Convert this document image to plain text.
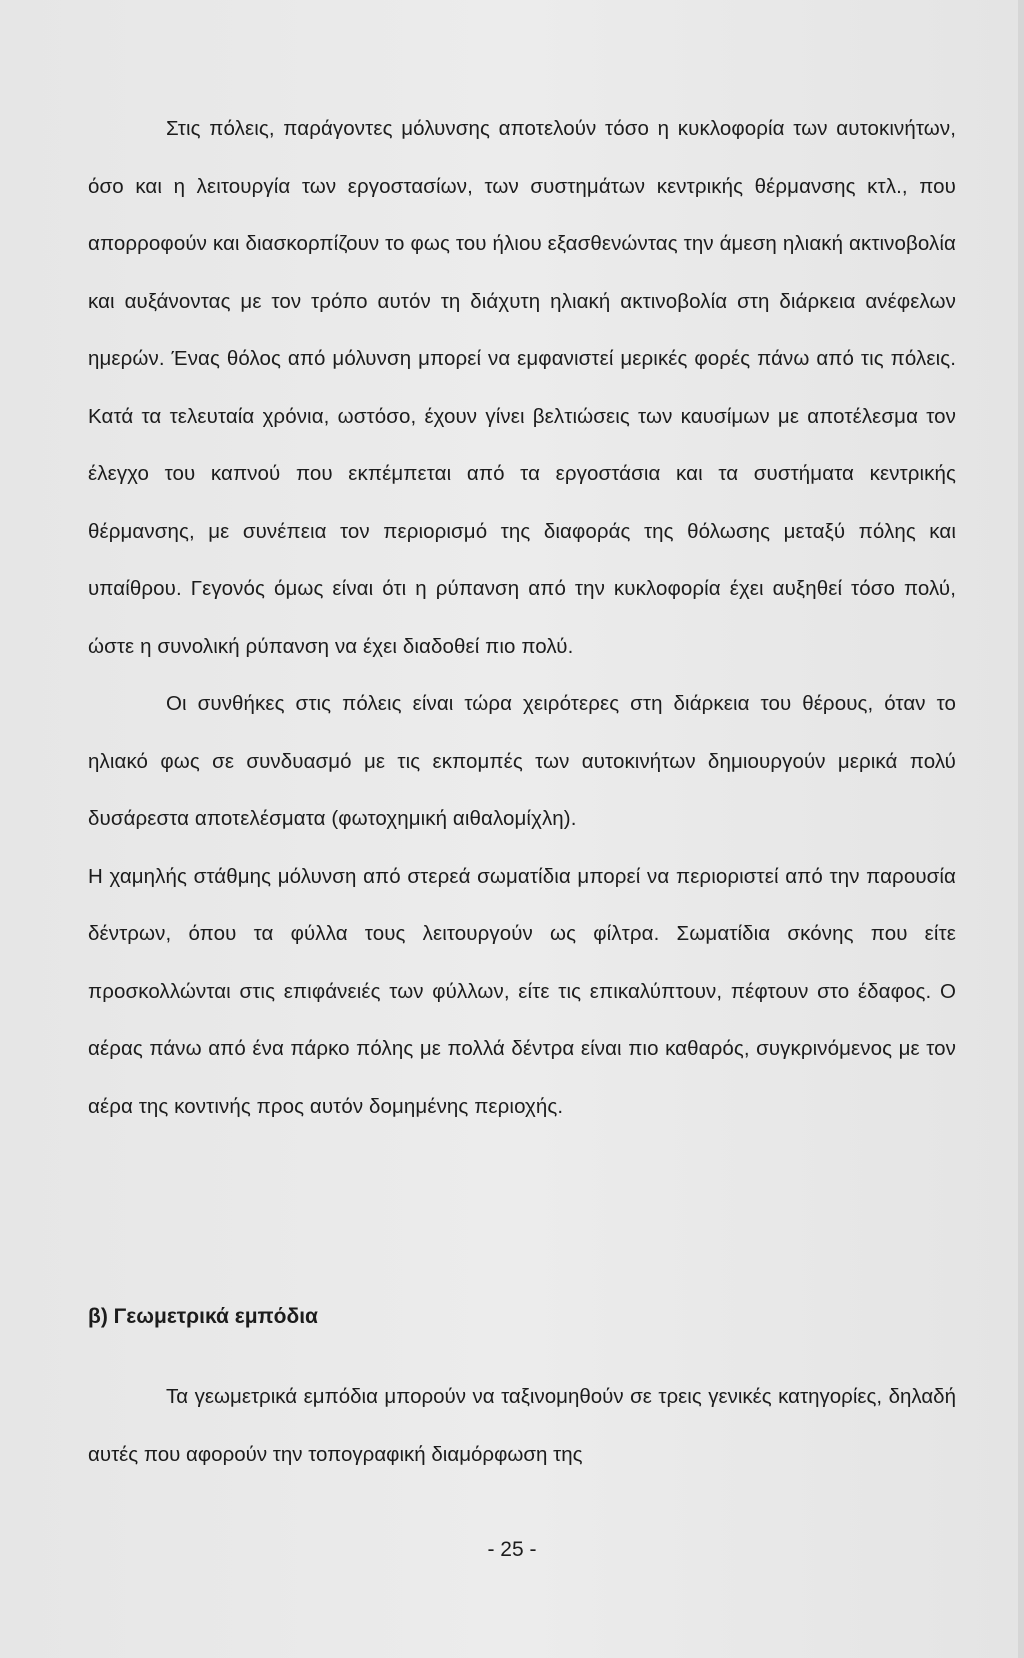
Στις πόλεις, παράγοντες μόλυνσης αποτελούν τόσο η κυκλοφορία των αυτοκινήτων, όσο και η λειτουργία των εργοστασίων, των συστημάτων κεντρικής θέρμανσης κτλ., που απορροφούν και διασκορπίζουν το φως του ήλιου εξασθενώντας την άμεση ηλιακή ακτινοβολία και αυξάνοντας με τον τρόπο αυτόν τη διάχυτη ηλιακή ακτινοβολία στη διάρκεια ανέφελων ημερών. Ένας θόλος από μόλυνση μπορεί να εμφανιστεί μερικές φορές πάνω από τις πόλεις. Κατά τα τελευταία χρόνια, ωστόσο, έχουν γίνει βελτιώσεις των καυσίμων με αποτέλεσμα τον έλεγχο του καπνού που εκπέμπεται από τα εργοστάσια και τα συστήματα κεντρικής θέρμανσης, με συνέπεια τον περιορισμό της διαφοράς της θόλωσης μεταξύ πόλης και υπαίθρου. Γεγονός όμως είναι ότι η ρύπανση από την κυκλοφορία έχει αυξηθεί τόσο πολύ, ώστε η συνολική ρύπανση να έχει διαδοθεί πιο πολύ.

Οι συνθήκες στις πόλεις είναι τώρα χειρότερες στη διάρκεια του θέρους, όταν το ηλιακό φως σε συνδυασμό με τις εκπομπές των αυτοκινήτων δημιουργούν μερικά πολύ δυσάρεστα αποτελέσματα (φωτοχημική αιθαλομίχλη).

Η χαμηλής στάθμης μόλυνση από στερεά σωματίδια μπορεί να περιοριστεί από την παρουσία δέντρων, όπου τα φύλλα τους λειτουργούν ως φίλτρα. Σωματίδια σκόνης που είτε προσκολλώνται στις επιφάνειές των φύλλων, είτε τις επικαλύπτουν, πέφτουν στο έδαφος. Ο αέρας πάνω από ένα πάρκο πόλης με πολλά δέντρα είναι πιο καθαρός, συγκρινόμενος με τον αέρα της κοντινής προς αυτόν δομημένης περιοχής.

β) Γεωμετρικά εμπόδια

Τα γεωμετρικά εμπόδια μπορούν να ταξινομηθούν σε τρεις γενικές κατηγορίες, δηλαδή αυτές που αφορούν την τοπογραφική διαμόρφωση της

- 25 -
